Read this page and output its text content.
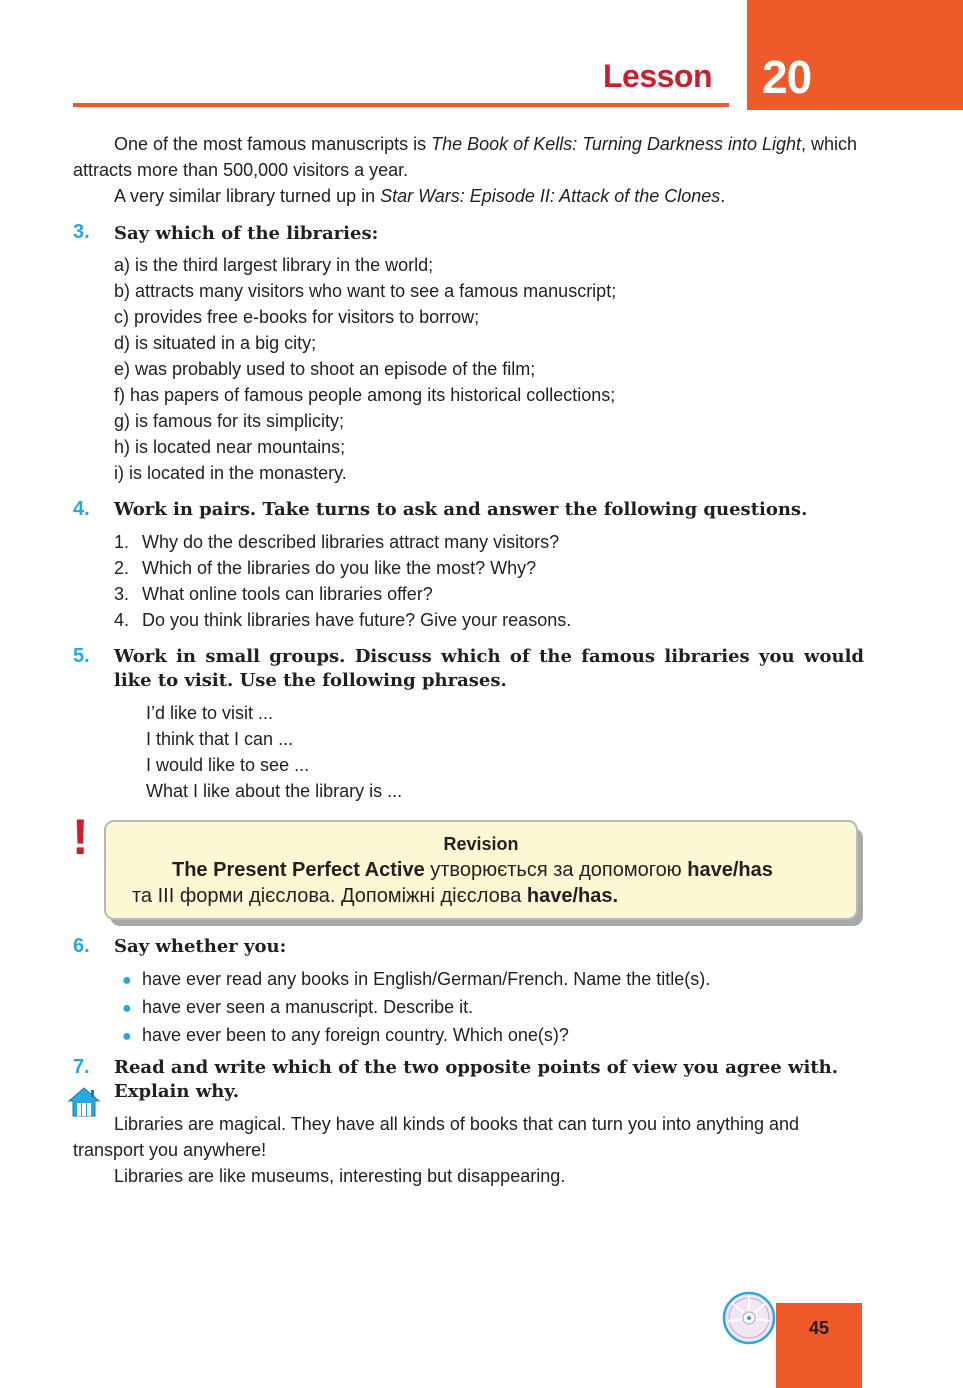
20
Lesson
One of the most famous manuscripts is The Book of Kells: Turning Darkness into Light, which attracts more than 500,000 visitors a year.
A very similar library turned up in Star Wars: Episode II: Attack of the Clones.
3. Say which of the libraries:
a) is the third largest library in the world;
b) attracts many visitors who want to see a famous manuscript;
c) provides free e-books for visitors to borrow;
d) is situated in a big city;
e) was probably used to shoot an episode of the film;
f) has papers of famous people among its historical collections;
g) is famous for its simplicity;
h) is located near mountains;
i) is located in the monastery.
4. Work in pairs. Take turns to ask and answer the following questions.
1. Why do the described libraries attract many visitors?
2. Which of the libraries do you like the most? Why?
3. What online tools can libraries offer?
4. Do you think libraries have future? Give your reasons.
5. Work in small groups. Discuss which of the famous libraries you would like to visit. Use the following phrases.
I’d like to visit ...
I think that I can ...
I would like to see ...
What I like about the library is ...
!	Revision
The Present Perfect Active утворюється за допомогою have/has
та III форми дієслова. Допоміжні дієслова have/has.
6. Say whether you:
● have ever read any books in English/German/French. Name the title(s).
● have ever seen a manuscript. Describe it.
● have ever been to any foreign country. Which one(s)?
7. Read and write which of the two opposite points of view you agree with. Explain why.
Libraries are magical. They have all kinds of books that can turn you into anything and transport you anywhere!
Libraries are like museums, interesting but disappearing.
45
